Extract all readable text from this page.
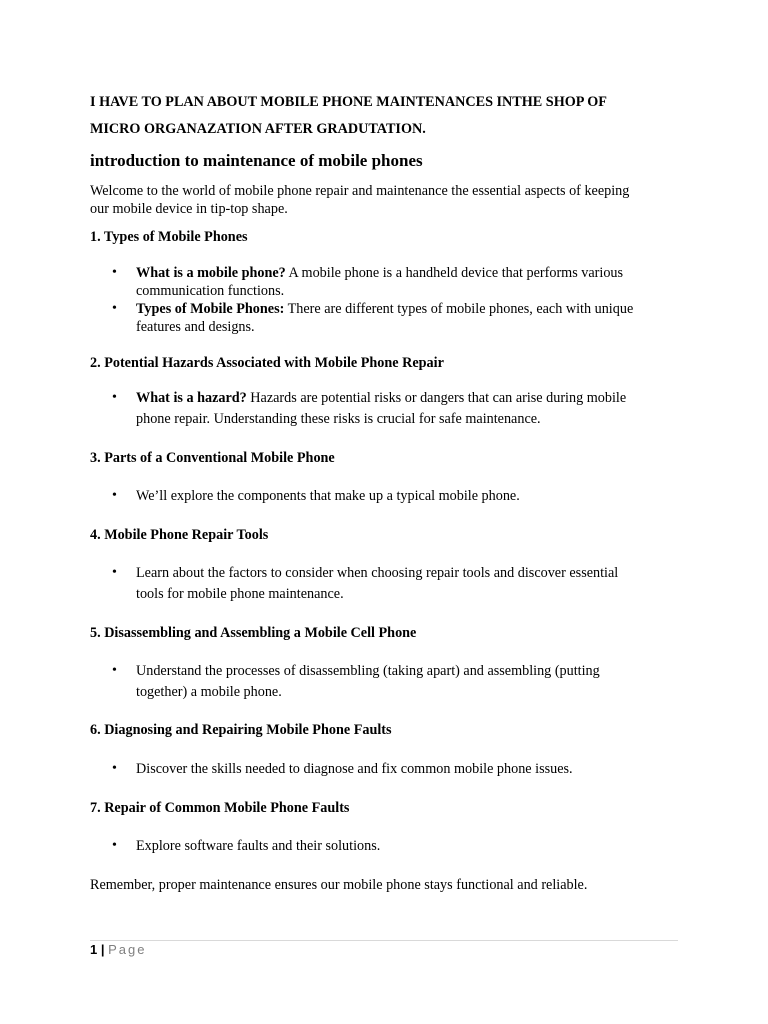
I HAVE TO PLAN ABOUT MOBILE PHONE MAINTENANCES INTHE SHOP OF

MICRO ORGANAZATION AFTER GRADUTATION.

introduction to maintenance of mobile phones

Welcome to the world of mobile phone repair and maintenance the essential aspects of keeping

our mobile device in tip-top shape.

1. Types of Mobile Phones

• What is a mobile phone? A mobile phone is a handheld device that performs various
communication functions.
• Types of Mobile Phones: There are different types of mobile phones, each with unique
features and designs.

2. Potential Hazards Associated with Mobile Phone Repair

• What is a hazard? Hazards are potential risks or dangers that can arise during mobile
phone repair. Understanding these risks is crucial for safe maintenance.

3. Parts of a Conventional Mobile Phone

• We’ll explore the components that make up a typical mobile phone.

4. Mobile Phone Repair Tools

• Learn about the factors to consider when choosing repair tools and discover essential
tools for mobile phone maintenance.

5. Disassembling and Assembling a Mobile Cell Phone

• Understand the processes of disassembling (taking apart) and assembling (putting
together) a mobile phone.

6. Diagnosing and Repairing Mobile Phone Faults

• Discover the skills needed to diagnose and fix common mobile phone issues.

7. Repair of Common Mobile Phone Faults

• Explore software faults and their solutions.

Remember, proper maintenance ensures our mobile phone stays functional and reliable.

1 | Page
